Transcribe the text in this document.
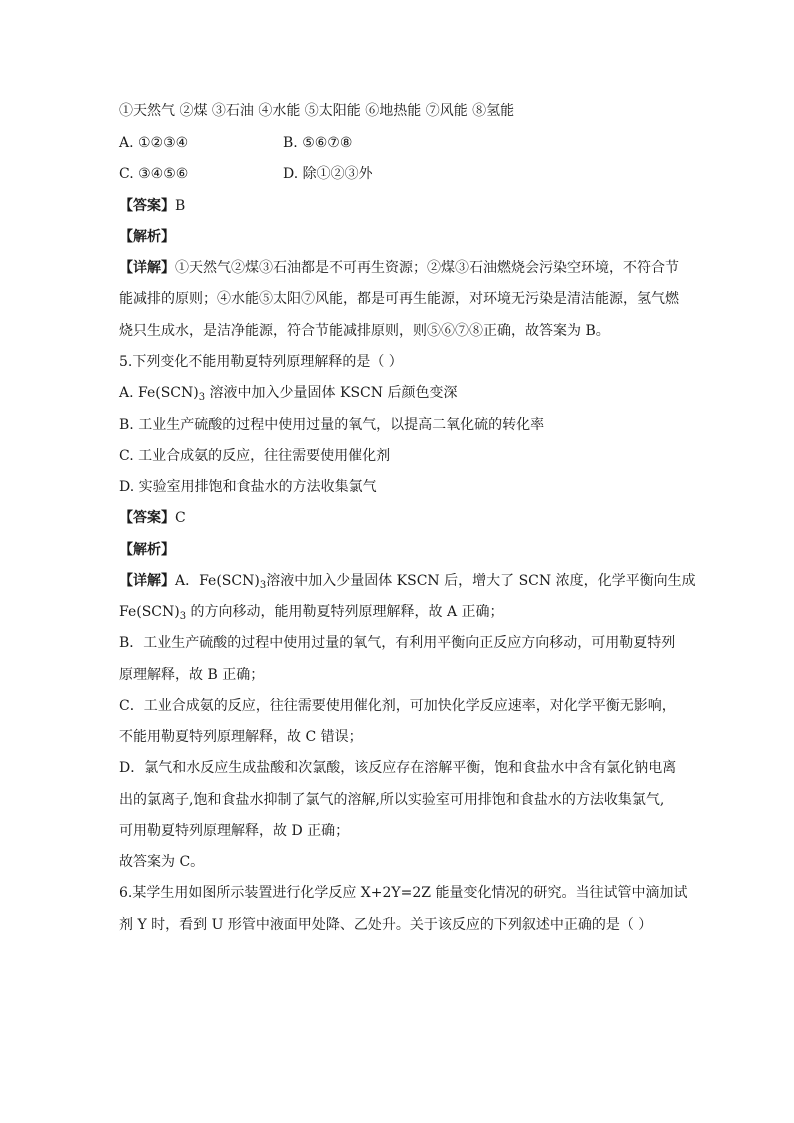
①天然气 ②煤 ③石油 ④水能 ⑤太阳能 ⑥地热能 ⑦风能 ⑧氢能
A. ①②③④	B. ⑤⑥⑦⑧
C. ③④⑤⑥	D. 除①②③外
【答案】B
【解析】
【详解】①天然气②煤③石油都是不可再生资源；②煤③石油燃烧会污染空环境，不符合节
能减排的原则；④水能⑤太阳⑦风能，都是可再生能源，对环境无污染是清洁能源，氢气燃
烧只生成水，是洁净能源，符合节能减排原则，则⑤⑥⑦⑧正确，故答案为 B。
5.下列变化不能用勒夏特列原理解释的是（ ）
A. $Fe(SCN)_3$ 溶液中加入少量固体 KSCN 后颜色变深
B. 工业生产硫酸的过程中使用过量的氧气，以提高二氧化硫的转化率
C. 工业合成氨的反应，往往需要使用催化剂
D. 实验室用排饱和食盐水的方法收集氯气
【答案】C
【解析】
【详解】A．$Fe(SCN)_3$溶液中加入少量固体 KSCN 后，增大了 SCN 浓度，化学平衡向生成
$Fe(SCN)_3$ 的方向移动，能用勒夏特列原理解释，故 A 正确；
B．工业生产硫酸的过程中使用过量的氧气，有利用平衡向正反应方向移动，可用勒夏特列
原理解释，故 B 正确；
C．工业合成氨的反应，往往需要使用催化剂，可加快化学反应速率，对化学平衡无影响，
不能用勒夏特列原理解释，故 C 错误；
D．氯气和水反应生成盐酸和次氯酸，该反应存在溶解平衡，饱和食盐水中含有氯化钠电离
出的氯离子,饱和食盐水抑制了氯气的溶解,所以实验室可用排饱和食盐水的方法收集氯气,
可用勒夏特列原理解释，故 D 正确；
故答案为 C。
6.某学生用如图所示装置进行化学反应 X+2Y=2Z 能量变化情况的研究。当往试管中滴加试
剂 Y 时，看到 U 形管中液面甲处降、乙处升。关于该反应的下列叙述中正确的是（ ）
